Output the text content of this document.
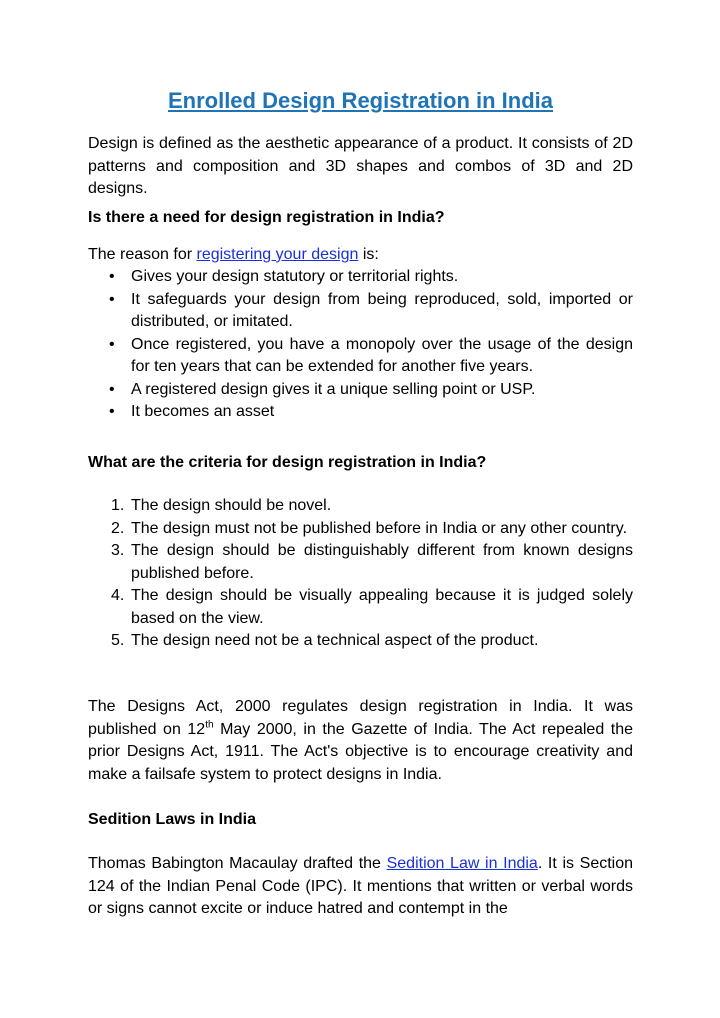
Enrolled Design Registration in India

Design is defined as the aesthetic appearance of a product. It consists of 2D patterns and composition and 3D shapes and combos of 3D and 2D designs.

Is there a need for design registration in India?

The reason for registering your design is:

• Gives your design statutory or territorial rights.
• It safeguards your design from being reproduced, sold, imported or distributed, or imitated.
• Once registered, you have a monopoly over the usage of the design for ten years that can be extended for another five years.
• A registered design gives it a unique selling point or USP.
• It becomes an asset
What are the criteria for design registration in India?
1. The design should be novel.
2. The design must not be published before in India or any other country.
3. The design should be distinguishably different from known designs published before.
4. The design should be visually appealing because it is judged solely based on the view.
5. The design need not be a technical aspect of the product.

The Designs Act, 2000 regulates design registration in India. It was published on 12th May 2000, in the Gazette of India. The Act repealed the prior Designs Act, 1911. The Act's objective is to encourage creativity and make a failsafe system to protect designs in India.

Sedition Laws in India

Thomas Babington Macaulay drafted the Sedition Law in India. It is Section 124 of the Indian Penal Code (IPC). It mentions that written or verbal words or signs cannot excite or induce hatred and contempt in the
